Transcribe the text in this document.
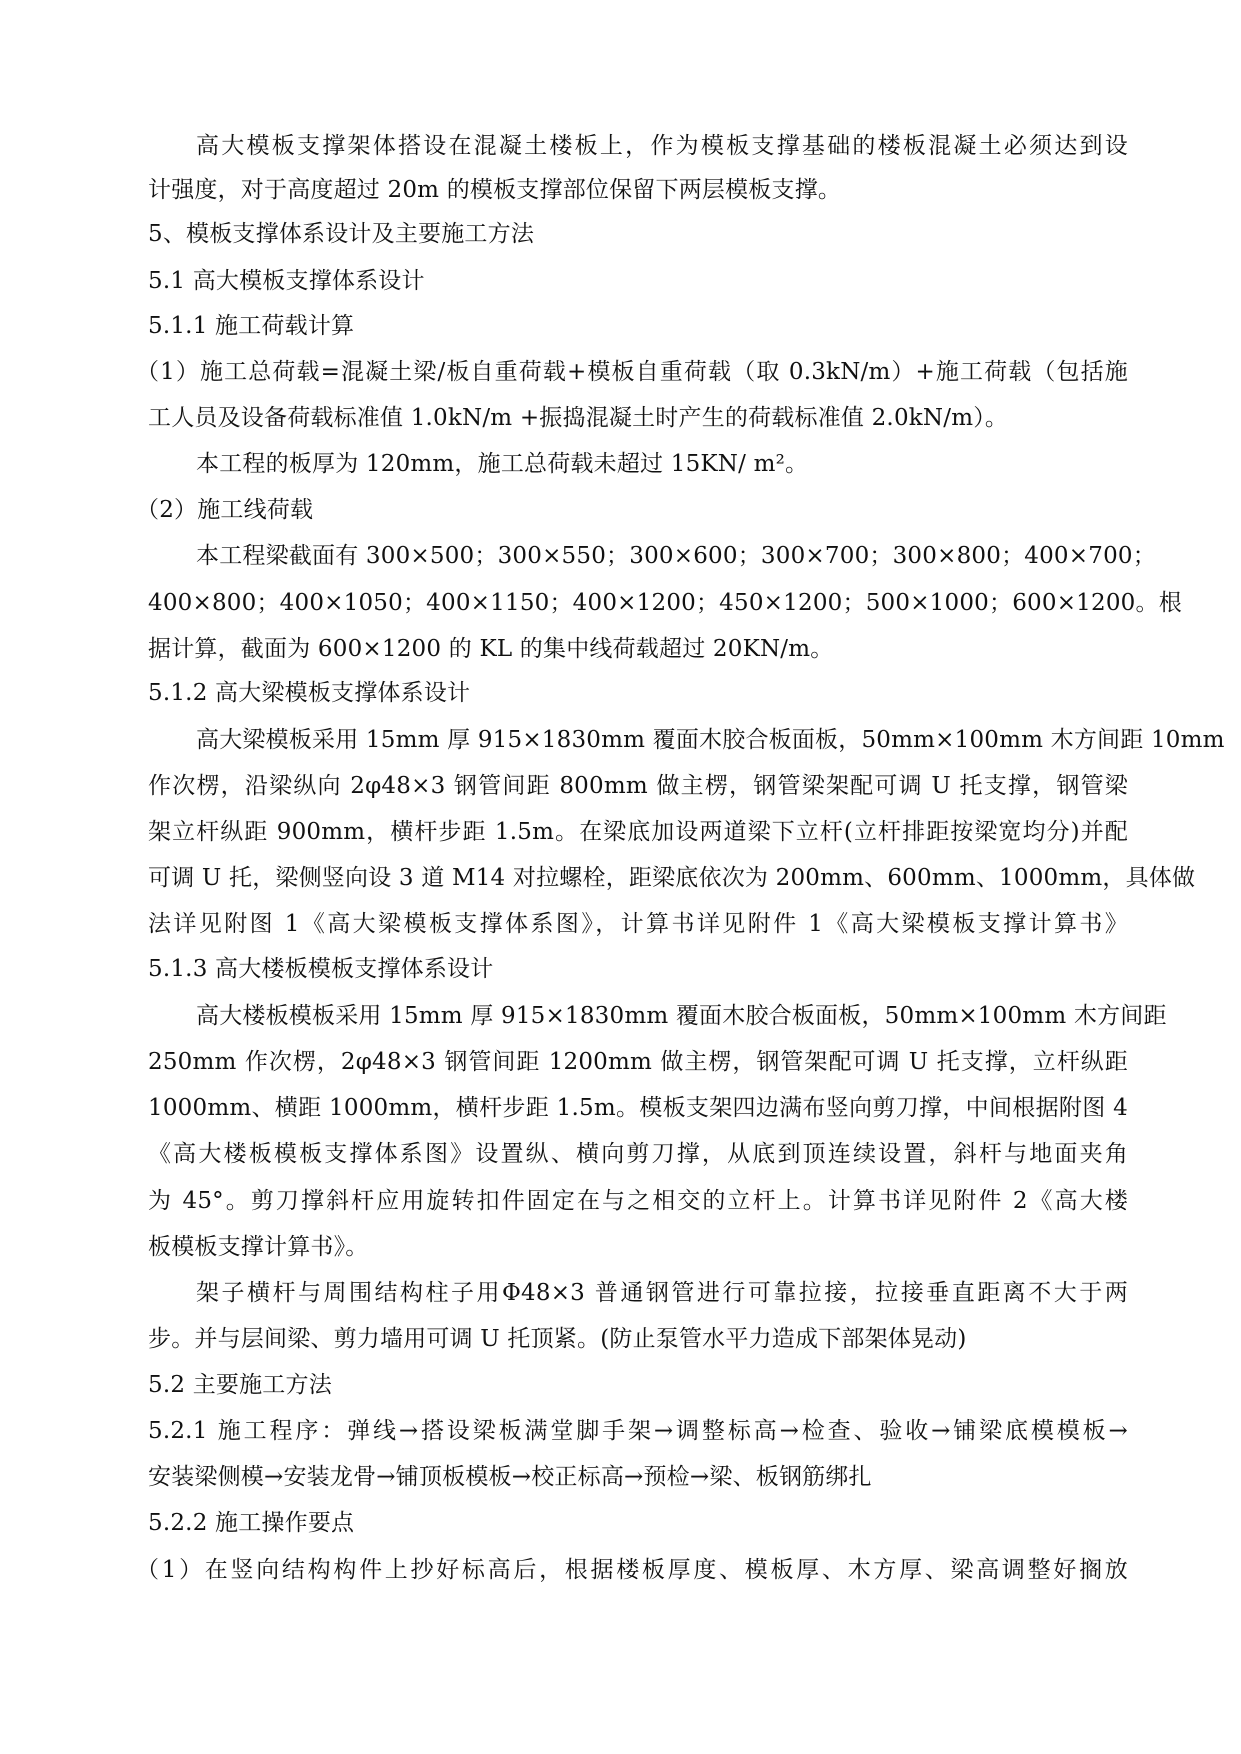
高大模板支撑架体搭设在混凝土楼板上，作为模板支撑基础的楼板混凝土必须达到设
计强度，对于高度超过 20m 的模板支撑部位保留下两层模板支撑。
5、模板支撑体系设计及主要施工方法
5.1 高大模板支撑体系设计
5.1.1 施工荷载计算
（1）施工总荷载=混凝土梁/板自重荷载+模板自重荷载（取 0.3kN/m）+施工荷载（包括施
工人员及设备荷载标准值 1.0kN/m +振捣混凝土时产生的荷载标准值 2.0kN/m）。
本工程的板厚为 120mm，施工总荷载未超过 15KN/ m²。
（2）施工线荷载
本工程梁截面有 300×500；300×550；300×600；300×700；300×800；400×700；
400×800；400×1050；400×1150；400×1200；450×1200；500×1000；600×1200。根
据计算，截面为 600×1200 的 KL 的集中线荷载超过 20KN/m。
5.1.2 高大梁模板支撑体系设计
高大梁模板采用 15mm 厚 915×1830mm 覆面木胶合板面板，50mm×100mm 木方间距 10mm
作次楞，沿梁纵向 2φ48×3 钢管间距 800mm 做主楞，钢管梁架配可调 U 托支撑，钢管梁
架立杆纵距 900mm，横杆步距 1.5m。在梁底加设两道梁下立杆(立杆排距按梁宽均分)并配
可调 U 托，梁侧竖向设 3 道 M14 对拉螺栓，距梁底依次为 200mm、600mm、1000mm，具体做
法详见附图 1《高大梁模板支撑体系图》，计算书详见附件 1《高大梁模板支撑计算书》
5.1.3 高大楼板模板支撑体系设计
高大楼板模板采用 15mm 厚 915×1830mm 覆面木胶合板面板，50mm×100mm 木方间距
250mm 作次楞，2φ48×3 钢管间距 1200mm 做主楞，钢管架配可调 U 托支撑，立杆纵距
1000mm、横距 1000mm，横杆步距 1.5m。模板支架四边满布竖向剪刀撑，中间根据附图 4
《高大楼板模板支撑体系图》设置纵、横向剪刀撑，从底到顶连续设置，斜杆与地面夹角
为 45°。剪刀撑斜杆应用旋转扣件固定在与之相交的立杆上。计算书详见附件 2《高大楼
板模板支撑计算书》。
架子横杆与周围结构柱子用Φ48×3 普通钢管进行可靠拉接，拉接垂直距离不大于两
步。并与层间梁、剪力墙用可调 U 托顶紧。(防止泵管水平力造成下部架体晃动)
5.2 主要施工方法
5.2.1 施工程序：弹线→搭设梁板满堂脚手架→调整标高→检查、验收→铺梁底模模板→
安装梁侧模→安装龙骨→铺顶板模板→校正标高→预检→梁、板钢筋绑扎
5.2.2 施工操作要点
（1）在竖向结构构件上抄好标高后，根据楼板厚度、模板厚、木方厚、梁高调整好搁放
